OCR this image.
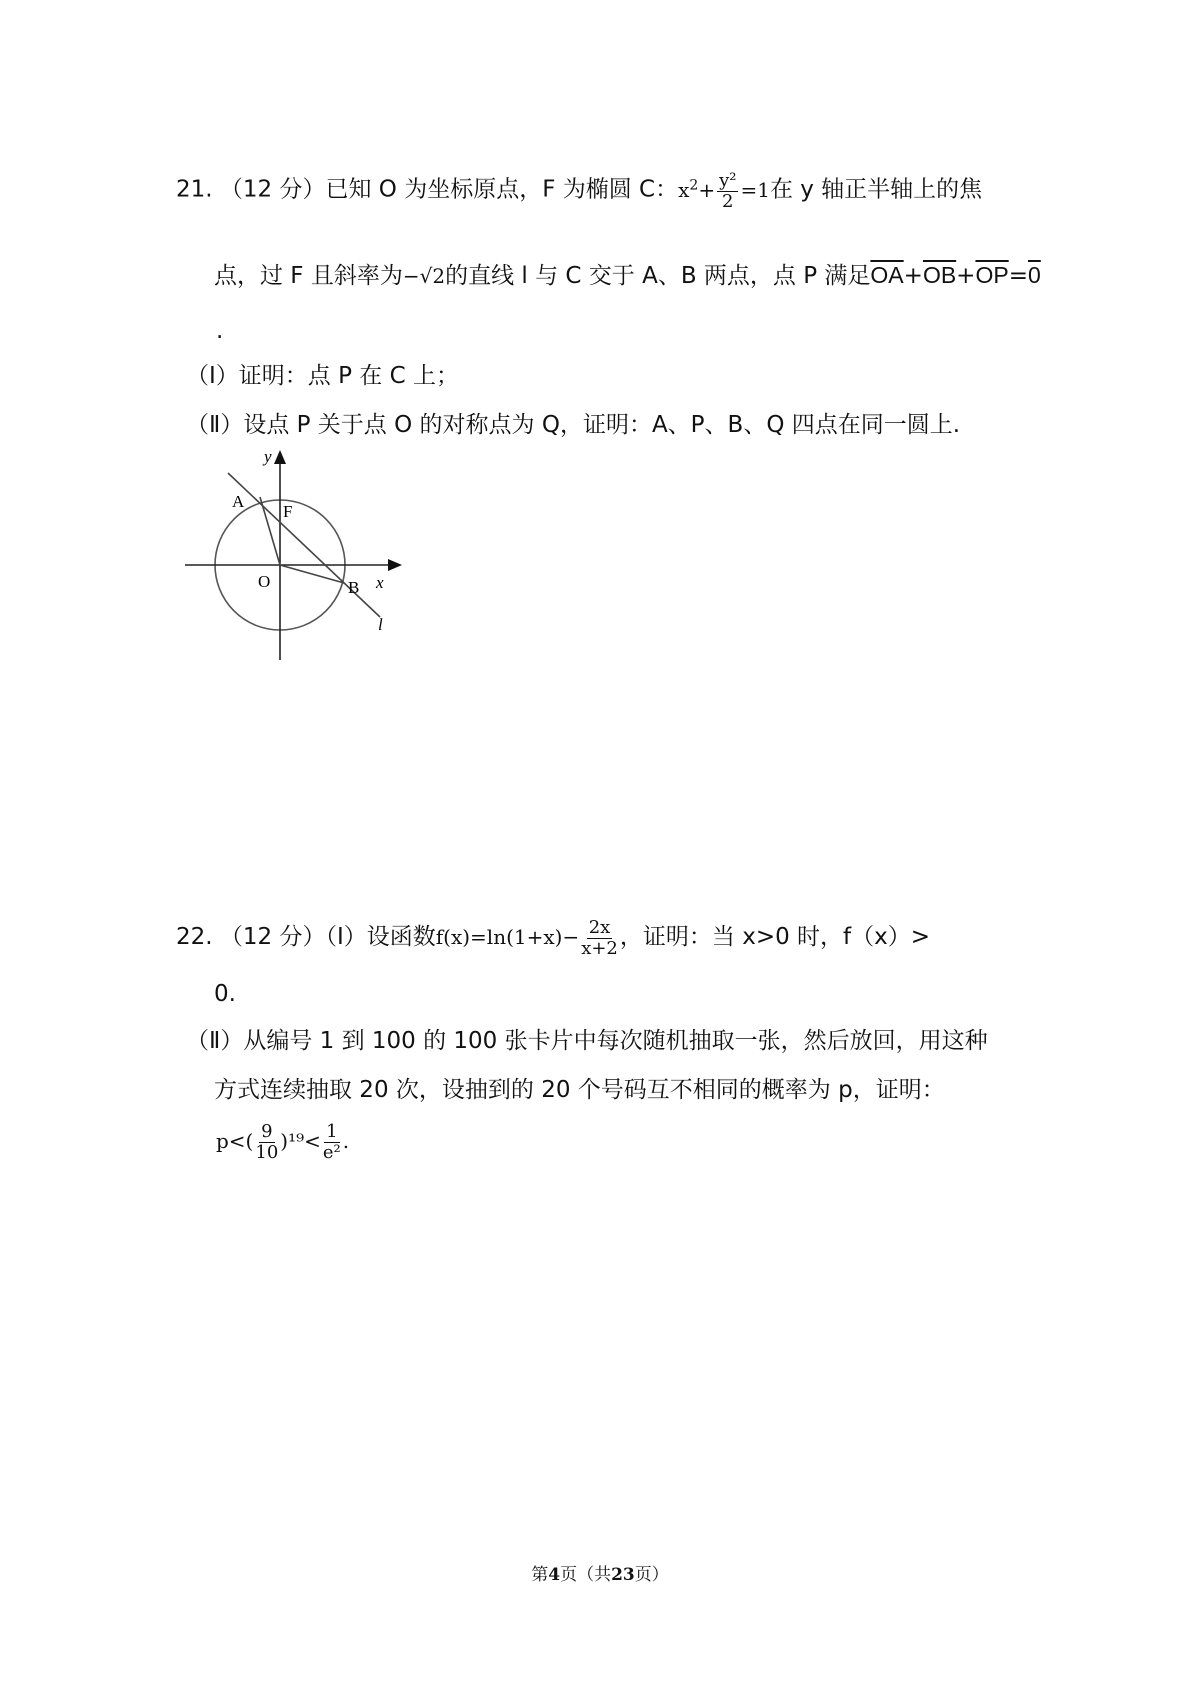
21. （12 分）已知 O 为坐标原点，F 为椭圆 C：$x^2+ \frac{\text{y²}}{2} =1$在 y 轴正半轴上的焦
点，过 F 且斜率为−√2的直线 l 与 C 交于 A、B 两点，点 P 满足$\overline{OA}+\overline{OB}+\overline{OP}=0$
.
（Ⅰ）证明：点 P 在 C 上；
（Ⅱ）设点 P 关于点 O 的对称点为 Q，证明：A、P、B、Q 四点在同一圆上.
y
x
A
F
O	B
l
22. （12 分）（Ⅰ）设函数$f(x)=\ln(1+x)- \frac{2x}{x+2}$ ，证明：当 x>0 时，f（x）>
0.
（Ⅱ）从编号 1 到 100 的 100 张卡片中每次随机抽取一张，然后放回，用这种
方式连续抽取 20 次，设抽到的 20 个号码互不相同的概率为 p，证明：
$p<( \frac{9}{10} )^{19}< \frac{1}{\text{e²}}$ .
第4页（共23页）
